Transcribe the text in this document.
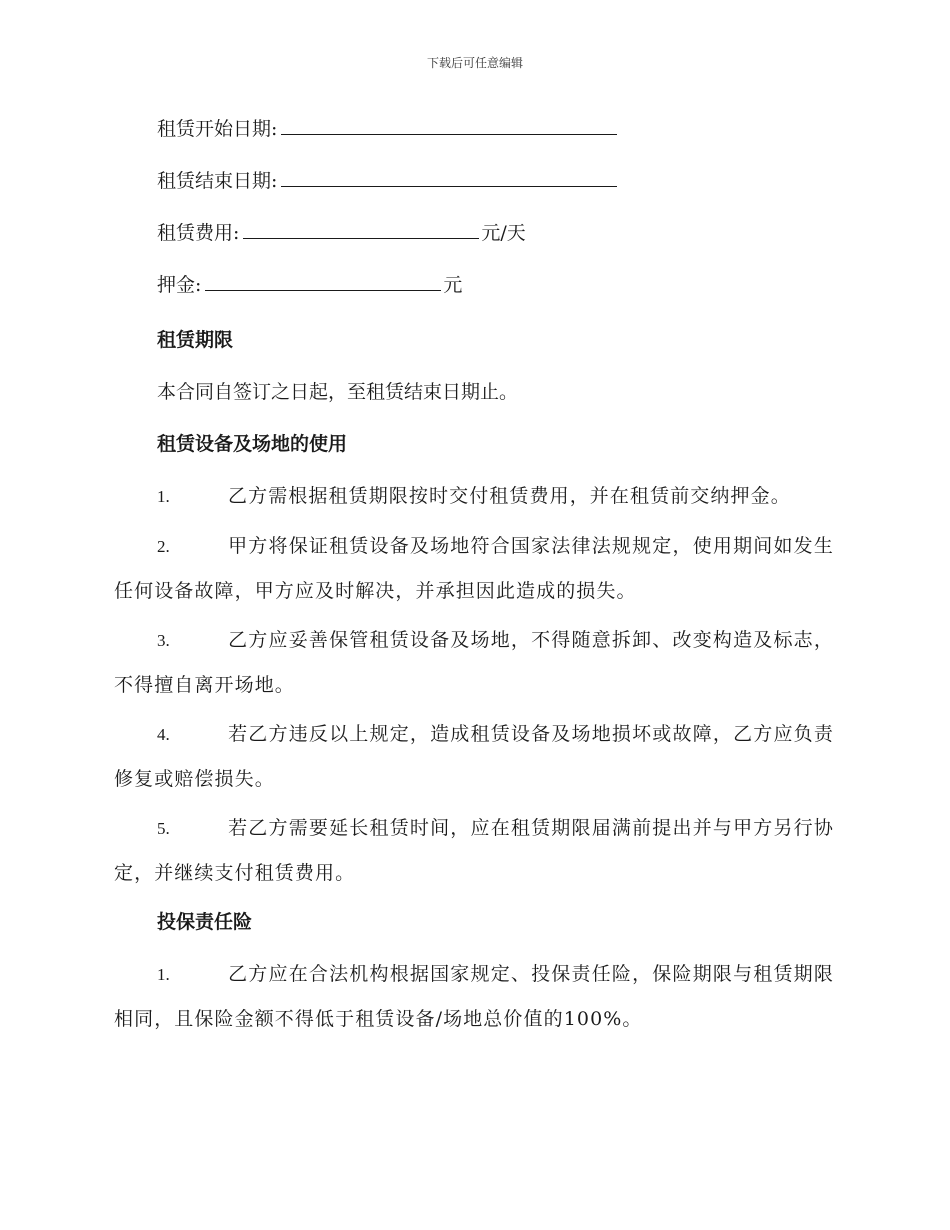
下载后可任意编辑
租赁开始日期:
租赁结束日期:
租赁费用:	元/天
押金:	元
租赁期限
本合同自签订之日起，至租赁结束日期止。
租赁设备及场地的使用
1.	乙方需根据租赁期限按时交付租赁费用，并在租赁前交纳押金。
2.	甲方将保证租赁设备及场地符合国家法律法规规定，使用期间如发生任何设备故障，甲方应及时解决，并承担因此造成的损失。
3.	乙方应妥善保管租赁设备及场地，不得随意拆卸、改变构造及标志，不得擅自离开场地。
4.	若乙方违反以上规定，造成租赁设备及场地损坏或故障，乙方应负责修复或赔偿损失。
5.	若乙方需要延长租赁时间，应在租赁期限届满前提出并与甲方另行协定，并继续支付租赁费用。
投保责任险
1.	乙方应在合法机构根据国家规定、投保责任险，保险期限与租赁期限相同，且保险金额不得低于租赁设备/场地总价值的100%。
